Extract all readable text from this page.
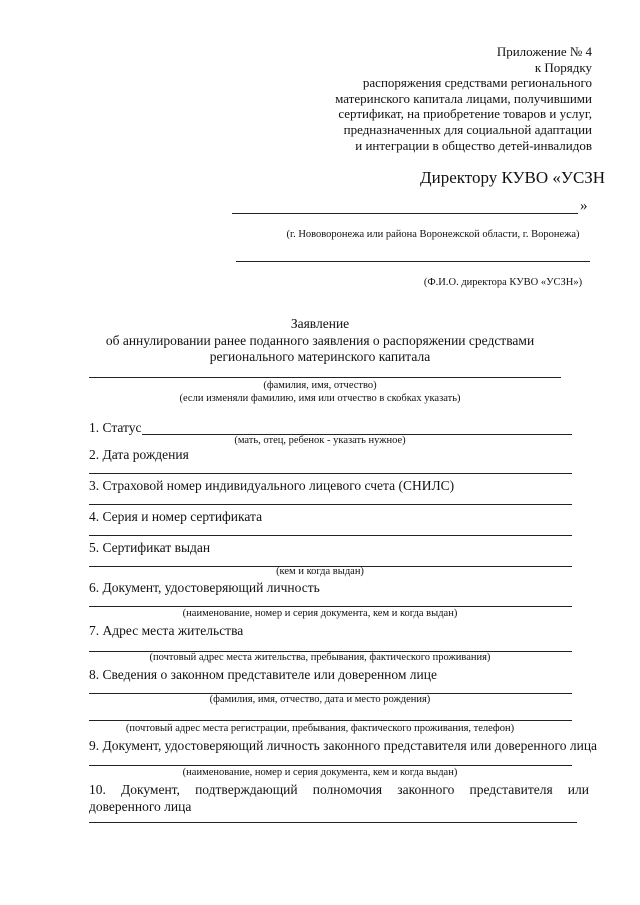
Приложение № 4
к Порядку
распоряжения средствами регионального
материнского капитала лицами, получившими
сертификат, на приобретение товаров и услуг,
предназначенных для социальной адаптации
и интеграции в общество детей-инвалидов
Директору КУВО «УСЗН
»
(г. Нововоронежа или района Воронежской области, г. Воронежа)
(Ф.И.О. директора КУВО «УСЗН»)
Заявление
об аннулировании ранее поданного заявления о распоряжении средствами
регионального материнского капитала
(фамилия, имя, отчество)
(если изменяли фамилию, имя или отчество в скобках указать)
1. Статус
(мать, отец, ребенок - указать нужное)
2. Дата рождения
3. Страховой номер индивидуального лицевого счета (СНИЛС)
4. Серия и номер сертификата
5. Сертификат выдан
(кем и когда выдан)
6. Документ, удостоверяющий личность
(наименование, номер и серия документа, кем и когда выдан)
7. Адрес места жительства
(почтовый адрес места жительства, пребывания, фактического проживания)
8. Сведения о законном представителе или доверенном лице
(фамилия, имя, отчество, дата и место рождения)
(почтовый адрес места регистрации, пребывания, фактического проживания, телефон)
9. Документ, удостоверяющий личность законного представителя или доверенного лица
(наименование, номер и серия документа, кем и когда выдан)
10. Документ, подтверждающий полномочия законного представителя или доверенного лица
